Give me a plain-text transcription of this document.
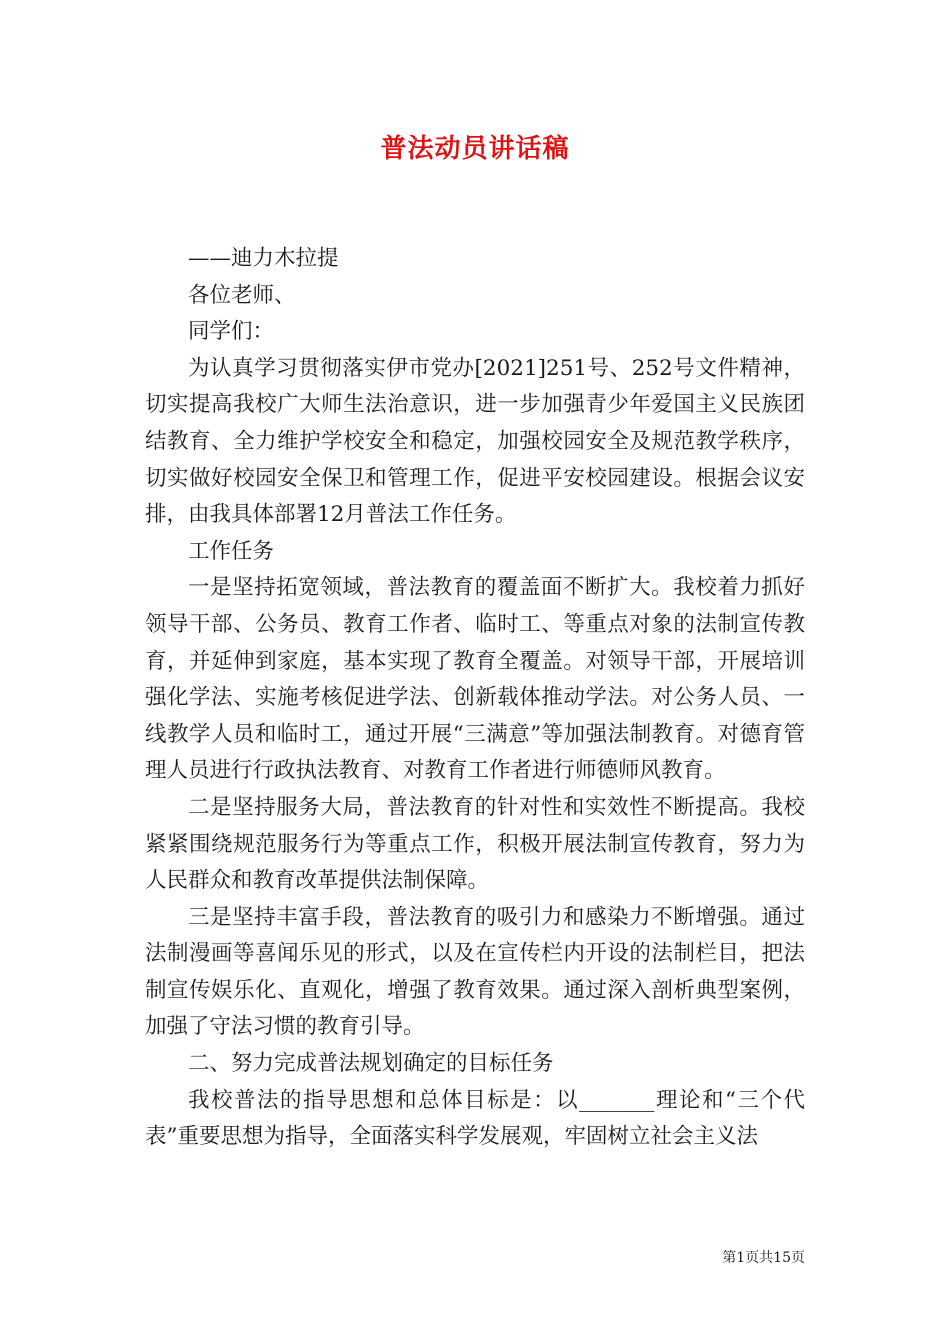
普法动员讲话稿

——迪力木拉提

各位老师、

同学们：

为认真学习贯彻落实伊市党办[2021]251号、252号文件精神，切实提高我校广大师生法治意识，进一步加强青少年爱国主义民族团结教育、全力维护学校安全和稳定，加强校园安全及规范教学秩序，切实做好校园安全保卫和管理工作，促进平安校园建设。根据会议安排，由我具体部署12月普法工作任务。

工作任务

一是坚持拓宽领域，普法教育的覆盖面不断扩大。我校着力抓好领导干部、公务员、教育工作者、临时工、等重点对象的法制宣传教育，并延伸到家庭，基本实现了教育全覆盖。对领导干部，开展培训强化学法、实施考核促进学法、创新载体推动学法。对公务人员、一线教学人员和临时工，通过开展“三满意”等加强法制教育。对德育管理人员进行行政执法教育、对教育工作者进行师德师风教育。

二是坚持服务大局，普法教育的针对性和实效性不断提高。我校紧紧围绕规范服务行为等重点工作，积极开展法制宣传教育，努力为人民群众和教育改革提供法制保障。

三是坚持丰富手段，普法教育的吸引力和感染力不断增强。通过法制漫画等喜闻乐见的形式，以及在宣传栏内开设的法制栏目，把法制宣传娱乐化、直观化，增强了教育效果。通过深入剖析典型案例，加强了守法习惯的教育引导。

二、努力完成普法规划确定的目标任务

我校普法的指导思想和总体目标是：以_______理论和“三个代表”重要思想为指导，全面落实科学发展观，牢固树立社会主义法

第1页共15页
